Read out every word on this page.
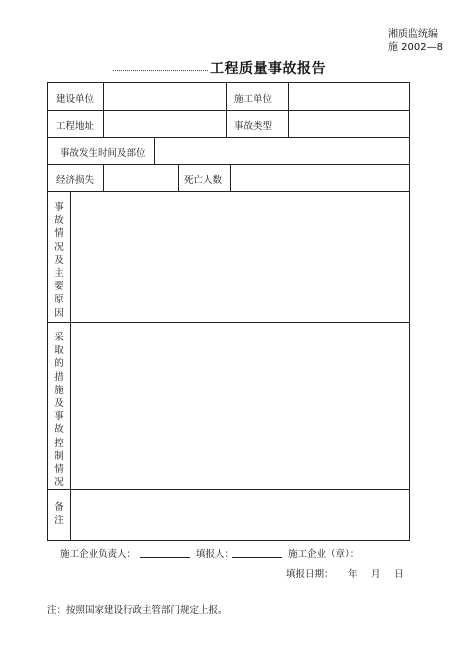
湘质监统编
施 2002—8
工程质量事故报告
建设单位	施工单位
工程地址	事故类型
事故发生时间及部位
经济损失	死亡人数
事故情况及主要原因
采取的措施及事故控制情况
备注
施工企业负责人：	填报人：	施工企业（章）：
填报日期： 年 月 日
注：按照国家建设行政主管部门规定上报。
